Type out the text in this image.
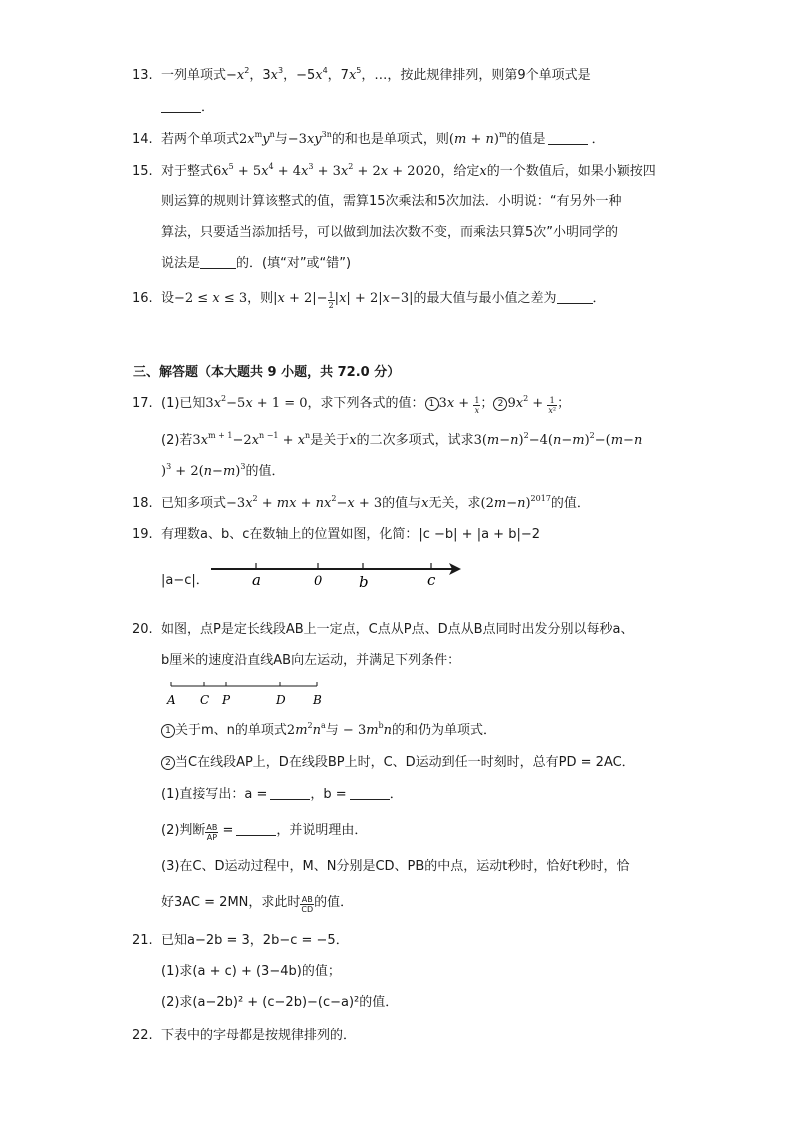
13. 一列单项式$-x^2$，$3x^3$，$-5x^4$，$7x^5$，…，按此规律排列，则第9个单项式是
．
14. 若两个单项式$2x^my^n$与$-3xy^{3n}$的和也是单项式，则$(m + n)^m$的值是	．
15. 对于整式$6x^5 + 5x^4 + 4x^3 + 3x^2 + 2x + 2020$，给定x的一个数值后，如果小颖按四
则运算的规则计算该整式的值，需算15次乘法和5次加法．小明说：“有另外一种
算法，只要适当添加括号，可以做到加法次数不变，而乘法只算5次”小明同学的
说法是	的．(填“对”或“错”)
16. 设−2 ≤ x ≤ 3，则$|x + 2|- \frac{1}{2} |x| + 2|x-3|$的最大值与最小值之差为	．
三、解答题（本大题共 9 小题，共 72.0 分）
17. (1)已知$3x^2-5x + 1 = 0$，求下列各式的值： 1 $3x + \frac{1}{x}$ ； 2 $9x^2 + \frac{1}{\text{x²}}$ ；
(2)若$3x^{m + 1}-2x^{n -1} + x^n$是关于x的二次多项式，试求$3(m-n)^2-4(n-m)^2-(m-n$
)$^3 + 2(n-m)^3$的值．
18. 已知多项式$-3x^2$ + mx + $nx^2-x + 3$的值与x无关，求$(2m-n)^{2017}$的值．
19. 有理数a、b、c在数轴上的位置如图，化简：|c −b| + |a + b|−2
|a−c|．	a	0 b	c
20. 如图，点P是定长线段AB上一定点，C点从P点、D点从B点同时出发分别以每秒a、
b厘米的速度沿直线AB向左运动，并满足下列条件：
A C P	D B
1 关于m、n的单项式$2m^2n^a$与 − $3m^bn$的和仍为单项式．
2 当C在线段AP上，D在线段BP上时，C、D运动到任一时刻时，总有PD = 2AC．
(1)直接写出：a =	，b =	．
(2)判断 $\frac{AB}{AP}$ =	，并说明理由．
(3)在C、D运动过程中，M、N分别是CD、PB的中点，运动t秒时，恰好t秒时，恰
好3AC = 2MN，求此时 $\frac{AB}{CD}$ 的值．
21. 已知a−2b = 3，2b−c = −5．
(1)求(a + c) + (3−4b)的值；
(2)求(a−2b)² + (c−2b)−(c−a)²的值．
22. 下表中的字母都是按规律排列的．
